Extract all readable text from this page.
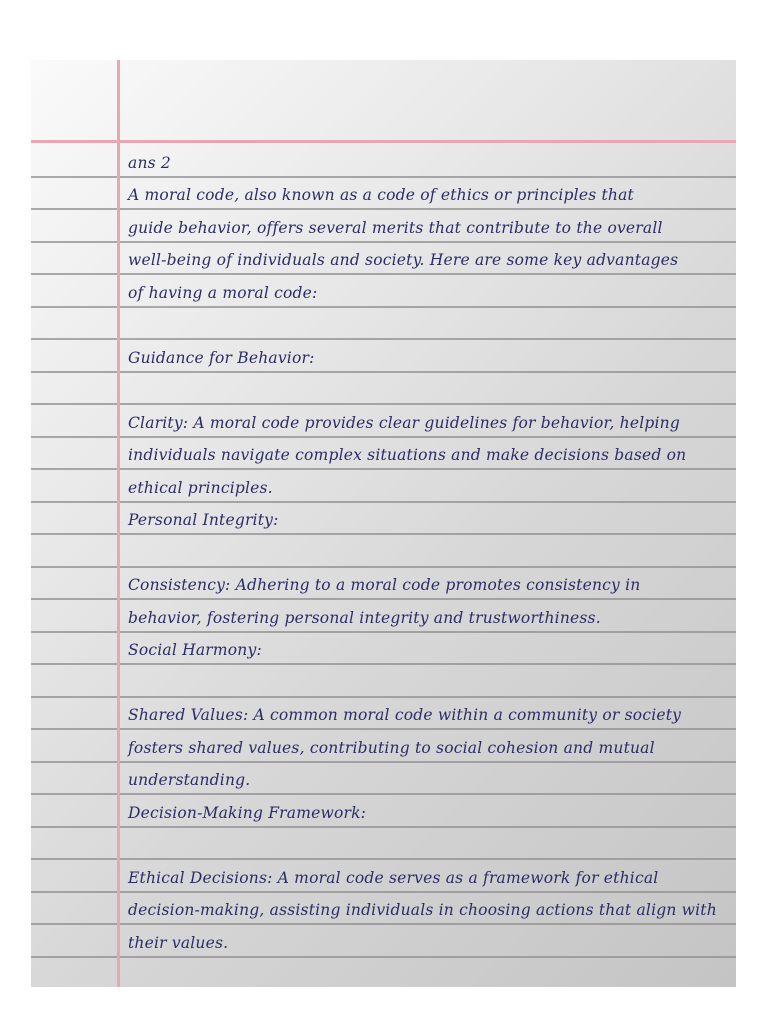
ans 2
A moral code, also known as a code of ethics or principles that
guide behavior, offers several merits that contribute to the overall
well-being of individuals and society. Here are some key advantages
of having a moral code:
Guidance for Behavior:
Clarity: A moral code provides clear guidelines for behavior, helping
individuals navigate complex situations and make decisions based on
ethical principles.
Personal Integrity:
Consistency: Adhering to a moral code promotes consistency in
behavior, fostering personal integrity and trustworthiness.
Social Harmony:
Shared Values: A common moral code within a community or society
fosters shared values, contributing to social cohesion and mutual
understanding.
Decision-Making Framework:
Ethical Decisions: A moral code serves as a framework for ethical
decision-making, assisting individuals in choosing actions that align with
their values.
